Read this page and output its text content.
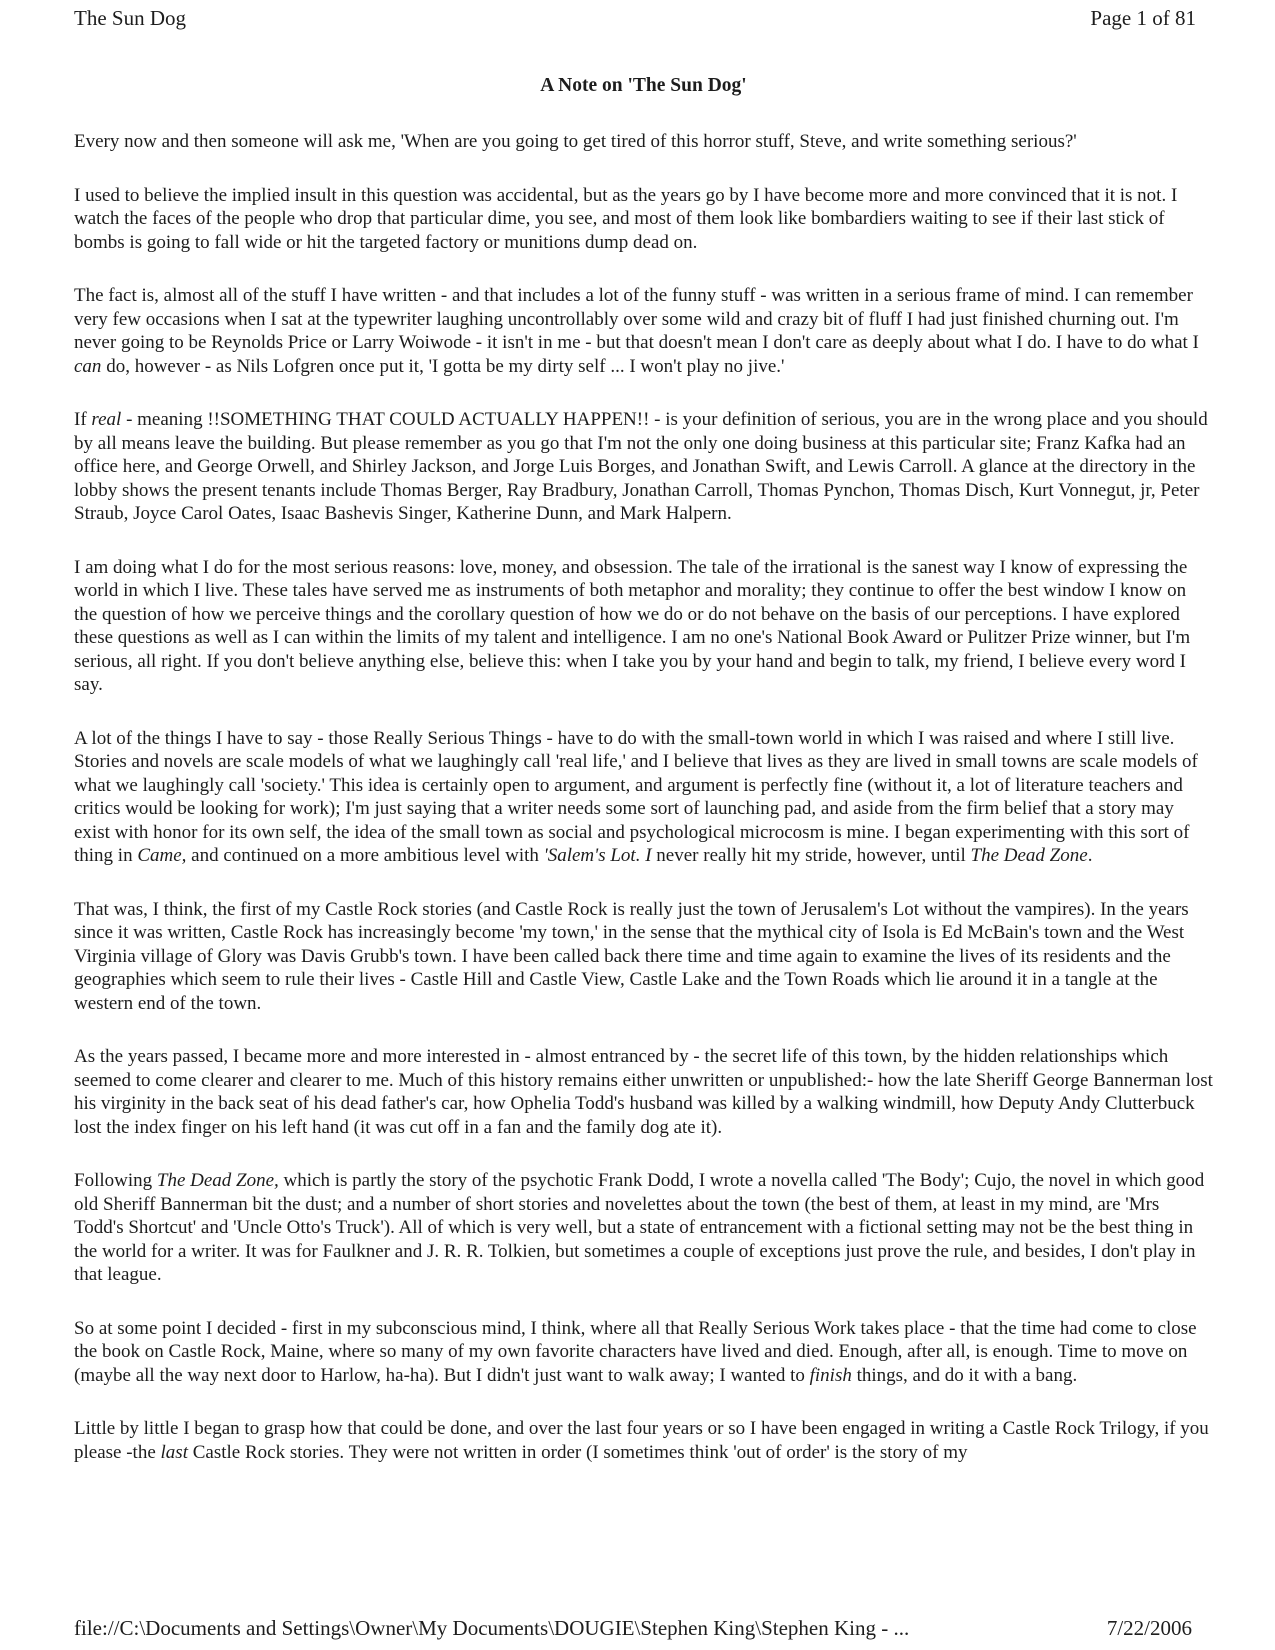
The Sun Dog	Page 1 of 81
A Note on 'The Sun Dog'

Every now and then someone will ask me, 'When are you going to get tired of this horror stuff, Steve, and write something serious?'

I used to believe the implied insult in this question was accidental, but as the years go by I have become more and more convinced that it is not. I watch the faces of the people who drop that particular dime, you see, and most of them look like bombardiers waiting to see if their last stick of bombs is going to fall wide or hit the targeted factory or munitions dump dead on.

The fact is, almost all of the stuff I have written - and that includes a lot of the funny stuff - was written in a serious frame of mind. I can remember very few occasions when I sat at the typewriter laughing uncontrollably over some wild and crazy bit of fluff I had just finished churning out. I'm never going to be Reynolds Price or Larry Woiwode - it isn't in me - but that doesn't mean I don't care as deeply about what I do. I have to do what I can do, however - as Nils Lofgren once put it, 'I gotta be my dirty self ... I won't play no jive.'

If real - meaning !!SOMETHING THAT COULD ACTUALLY HAPPEN!! - is your definition of serious, you are in the wrong place and you should by all means leave the building. But please remember as you go that I'm not the only one doing business at this particular site; Franz Kafka had an office here, and George Orwell, and Shirley Jackson, and Jorge Luis Borges, and Jonathan Swift, and Lewis Carroll. A glance at the directory in the lobby shows the present tenants include Thomas Berger, Ray Bradbury, Jonathan Carroll, Thomas Pynchon, Thomas Disch, Kurt Vonnegut, jr, Peter Straub, Joyce Carol Oates, Isaac Bashevis Singer, Katherine Dunn, and Mark Halpern.

I am doing what I do for the most serious reasons: love, money, and obsession. The tale of the irrational is the sanest way I know of expressing the world in which I live. These tales have served me as instruments of both metaphor and morality; they continue to offer the best window I know on the question of how we perceive things and the corollary question of how we do or do not behave on the basis of our perceptions. I have explored these questions as well as I can within the limits of my talent and intelligence. I am no one's National Book Award or Pulitzer Prize winner, but I'm serious, all right. If you don't believe anything else, believe this: when I take you by your hand and begin to talk, my friend, I believe every word I say.

A lot of the things I have to say - those Really Serious Things - have to do with the small-town world in which I was raised and where I still live. Stories and novels are scale models of what we laughingly call 'real life,' and I believe that lives as they are lived in small towns are scale models of what we laughingly call 'society.' This idea is certainly open to argument, and argument is perfectly fine (without it, a lot of literature teachers and critics would be looking for work); I'm just saying that a writer needs some sort of launching pad, and aside from the firm belief that a story may exist with honor for its own self, the idea of the small town as social and psychological microcosm is mine. I began experimenting with this sort of thing in Came, and continued on a more ambitious level with 'Salem's Lot. I never really hit my stride, however, until The Dead Zone.

That was, I think, the first of my Castle Rock stories (and Castle Rock is really just the town of Jerusalem's Lot without the vampires). In the years since it was written, Castle Rock has increasingly become 'my town,' in the sense that the mythical city of Isola is Ed McBain's town and the West Virginia village of Glory was Davis Grubb's town. I have been called back there time and time again to examine the lives of its residents and the geographies which seem to rule their lives - Castle Hill and Castle View, Castle Lake and the Town Roads which lie around it in a tangle at the western end of the town.

As the years passed, I became more and more interested in - almost entranced by - the secret life of this town, by the hidden relationships which seemed to come clearer and clearer to me. Much of this history remains either unwritten or unpublished:- how the late Sheriff George Bannerman lost his virginity in the back seat of his dead father's car, how Ophelia Todd's husband was killed by a walking windmill, how Deputy Andy Clutterbuck lost the index finger on his left hand (it was cut off in a fan and the family dog ate it).

Following The Dead Zone, which is partly the story of the psychotic Frank Dodd, I wrote a novella called 'The Body'; Cujo, the novel in which good old Sheriff Bannerman bit the dust; and a number of short stories and novelettes about the town (the best of them, at least in my mind, are 'Mrs Todd's Shortcut' and 'Uncle Otto's Truck'). All of which is very well, but a state of entrancement with a fictional setting may not be the best thing in the world for a writer. It was for Faulkner and J. R. R. Tolkien, but sometimes a couple of exceptions just prove the rule, and besides, I don't play in that league.

So at some point I decided - first in my subconscious mind, I think, where all that Really Serious Work takes place - that the time had come to close the book on Castle Rock, Maine, where so many of my own favorite characters have lived and died. Enough, after all, is enough. Time to move on (maybe all the way next door to Harlow, ha-ha). But I didn't just want to walk away; I wanted to finish things, and do it with a bang.

Little by little I began to grasp how that could be done, and over the last four years or so I have been engaged in writing a Castle Rock Trilogy, if you please -the last Castle Rock stories. They were not written in order (I sometimes think 'out of order' is the story of my

file://C:\Documents and Settings\Owner\My Documents\DOUGIE\Stephen King\Stephen King - ...	7/22/2006
